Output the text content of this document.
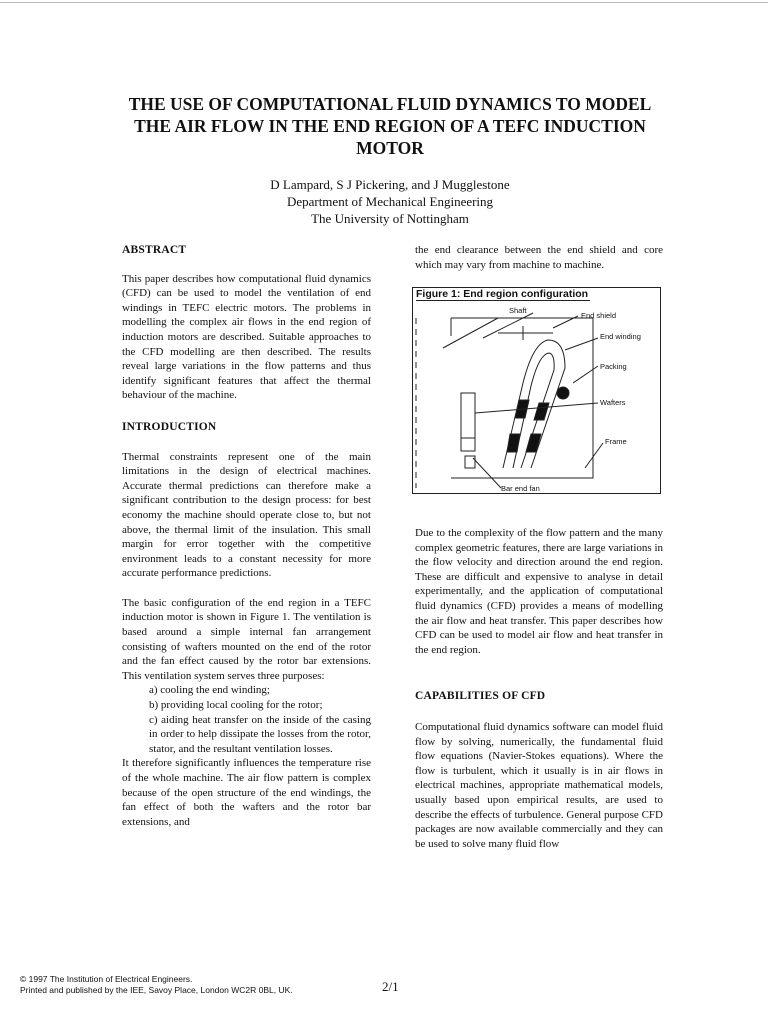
THE USE OF COMPUTATIONAL FLUID DYNAMICS TO MODEL
THE AIR FLOW IN THE END REGION OF A TEFC INDUCTION
MOTOR
D Lampard, S J Pickering, and J Mugglestone
Department of Mechanical Engineering
The University of Nottingham
ABSTRACT

This paper describes how computational fluid dynamics (CFD) can be used to model the ventilation of end windings in TEFC electric motors. The problems in modelling the complex air flows in the end region of induction motors are described. Suitable approaches to the CFD modelling are then described. The results reveal large variations in the flow patterns and thus identify significant features that affect the thermal behaviour of the machine.

INTRODUCTION

Thermal constraints represent one of the main limitations in the design of electrical machines. Accurate thermal predictions can therefore make a significant contribution to the design process: for best economy the machine should operate close to, but not above, the thermal limit of the insulation. This small margin for error together with the competitive environment leads to a constant necessity for more accurate performance predictions.

The basic configuration of the end region in a TEFC induction motor is shown in Figure 1. The ventilation is based around a simple internal fan arrangement consisting of wafters mounted on the end of the rotor and the fan effect caused by the rotor bar extensions. This ventilation system serves three purposes:

a) cooling the end winding;
b) providing local cooling for the rotor;
c) aiding heat transfer on the inside of the casing in order to help dissipate the losses from the rotor, stator, and the resultant ventilation losses.

It therefore significantly influences the temperature rise of the whole machine. The air flow pattern is complex because of the open structure of the end windings, the fan effect of both the wafters and the rotor bar extensions, and

the end clearance between the end shield and core which may vary from machine to machine.

Figure 1: End region configuration
Shaft
End shield
End winding
Packing
Wafters
Frame
Bar end fan

Due to the complexity of the flow pattern and the many complex geometric features, there are large variations in the flow velocity and direction around the end region. These are difficult and expensive to analyse in detail experimentally, and the application of computational fluid dynamics (CFD) provides a means of modelling the air flow and heat transfer. This paper describes how CFD can be used to model air flow and heat transfer in the end region.

CAPABILITIES OF CFD

Computational fluid dynamics software can model fluid flow by solving, numerically, the fundamental fluid flow equations (Navier-Stokes equations). Where the flow is turbulent, which it usually is in air flows in electrical machines, appropriate mathematical models, usually based upon empirical results, are used to describe the effects of turbulence. General purpose CFD packages are now available commercially and they can be used to solve many fluid flow

© 1997 The Institution of Electrical Engineers.
Printed and published by the IEE, Savoy Place, London WC2R 0BL, UK.	2/1
